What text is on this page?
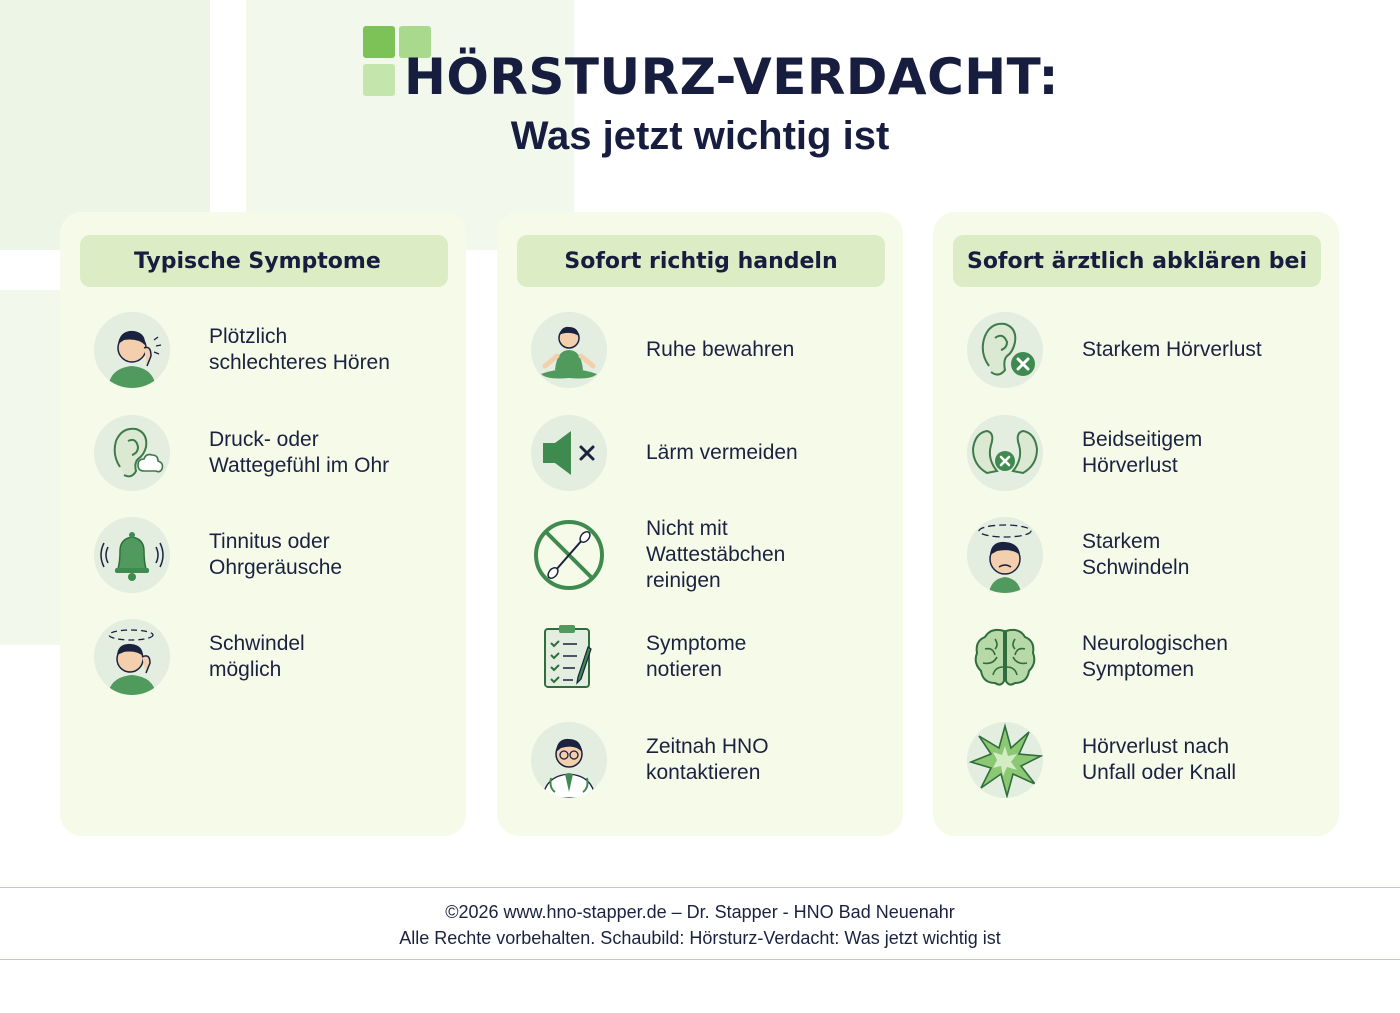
HÖRSTURZ-VERDACHT:
Was jetzt wichtig ist
Typische Symptome
Plötzlich
schlechteres Hören
Druck- oder
Wattegefühl im Ohr
Tinnitus oder
Ohrgeräusche
Schwindel
möglich
Sofort richtig handeln
Ruhe bewahren
Lärm vermeiden
Nicht mit
Wattestäbchen
reinigen
Symptome
notieren
Zeitnah HNO
kontaktieren
Sofort ärztlich abklären bei
Starkem Hörverlust
Beidseitigem
Hörverlust
Starkem
Schwindeln
Neurologischen
Symptomen
Hörverlust nach
Unfall oder Knall
©2026 www.hno-stapper.de – Dr. Stapper - HNO Bad Neuenahr
Alle Rechte vorbehalten. Schaubild: Hörsturz-Verdacht: Was jetzt wichtig ist
